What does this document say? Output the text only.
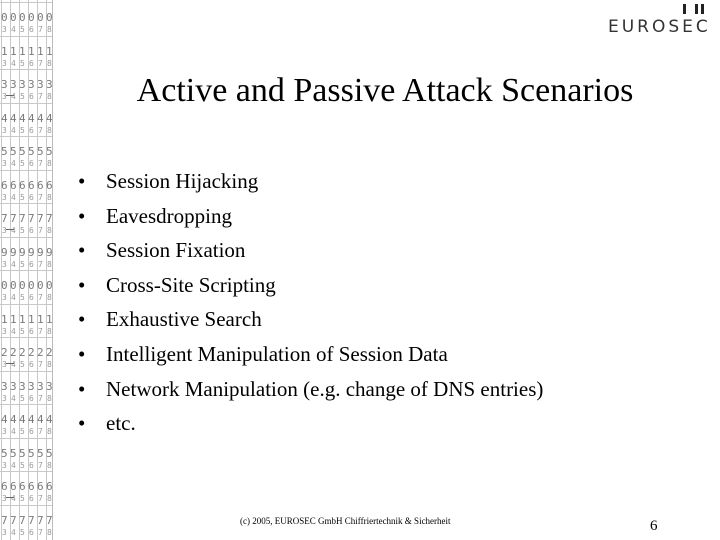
3 4 5 6 7 8
0 0 0 0 0 0
3 4 5 6 7 8
1 1 1 1 1 1
3 4 5 6 7 8
3 3 3 3 3 3
3 4 5 6 7 8
4 4 4 4 4 4
3 4 5 6 7 8
5 5 5 5 5 5
3 4 5 6 7 8
6 6 6 6 6 6
3 4 5 6 7 8
7 7 7 7 7 7
3 4 5 6 7 8
9 9 9 9 9 9
3 4 5 6 7 8
0 0 0 0 0 0
3 4 5 6 7 8
1 1 1 1 1 1
3 4 5 6 7 8
2 2 2 2 2 2
3 4 5 6 7 8
3 3 3 3 3 3
3 4 5 6 7 8
4 4 4 4 4 4
3 4 5 6 7 8
5 5 5 5 5 5
3 4 5 6 7 8
6 6 6 6 6 6
3 4 5 6 7 8
7 7 7 7 7 7
EUROSEC
Active and Passive Attack Scenarios
• Session Hijacking
• Eavesdropping
• Session Fixation
• Cross-Site Scripting
• Exhaustive Search
• Intelligent Manipulation of Session Data
• Network Manipulation (e.g. change of DNS entries)
• etc.
(c) 2005, EUROSEC GmbH Chiffriertechnik & Sicherheit	6
